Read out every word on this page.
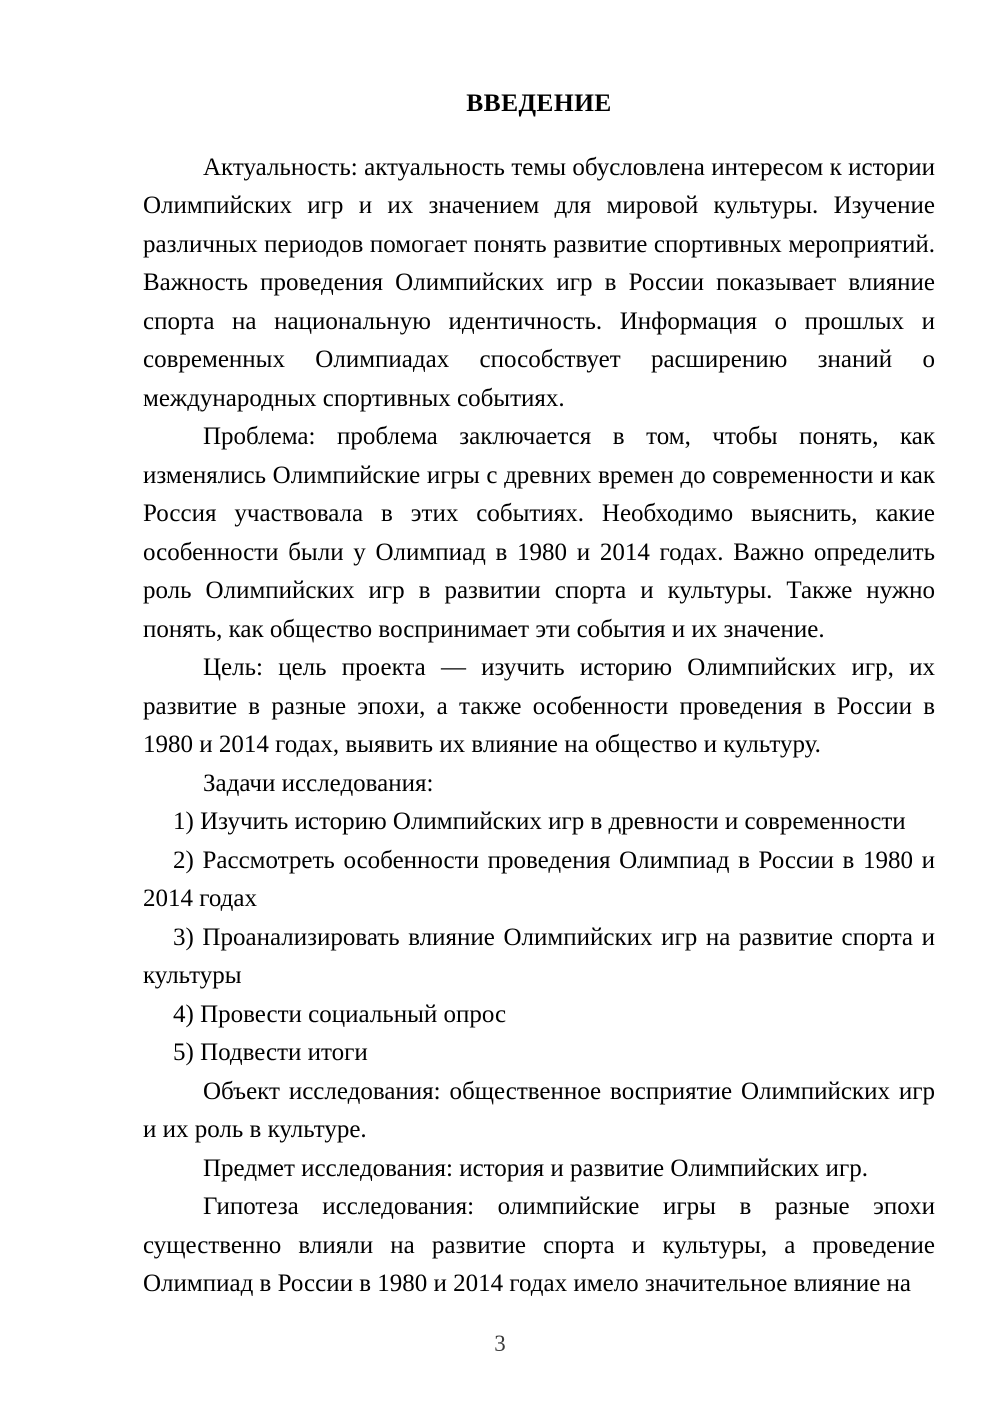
ВВЕДЕНИЕ

Актуальность: актуальность темы обусловлена интересом к истории Олимпийских игр и их значением для мировой культуры. Изучение различных периодов помогает понять развитие спортивных мероприятий. Важность проведения Олимпийских игр в России показывает влияние спорта на национальную идентичность. Информация о прошлых и современных Олимпиадах способствует расширению знаний о международных спортивных событиях.

Проблема: проблема заключается в том, чтобы понять, как изменялись Олимпийские игры с древних времен до современности и как Россия участвовала в этих событиях. Необходимо выяснить, какие особенности были у Олимпиад в 1980 и 2014 годах. Важно определить роль Олимпийских игр в развитии спорта и культуры. Также нужно понять, как общество воспринимает эти события и их значение.

Цель: цель проекта — изучить историю Олимпийских игр, их развитие в разные эпохи, а также особенности проведения в России в 1980 и 2014 годах, выявить их влияние на общество и культуру.

Задачи исследования:

1) Изучить историю Олимпийских игр в древности и современности

2) Рассмотреть особенности проведения Олимпиад в России в 1980 и 2014 годах

3) Проанализировать влияние Олимпийских игр на развитие спорта и культуры

4) Провести социальный опрос

5) Подвести итоги

Объект исследования: общественное восприятие Олимпийских игр и их роль в культуре.

Предмет исследования: история и развитие Олимпийских игр.

Гипотеза исследования: олимпийские игры в разные эпохи существенно влияли на развитие спорта и культуры, а проведение Олимпиад в России в 1980 и 2014 годах имело значительное влияние на

3
